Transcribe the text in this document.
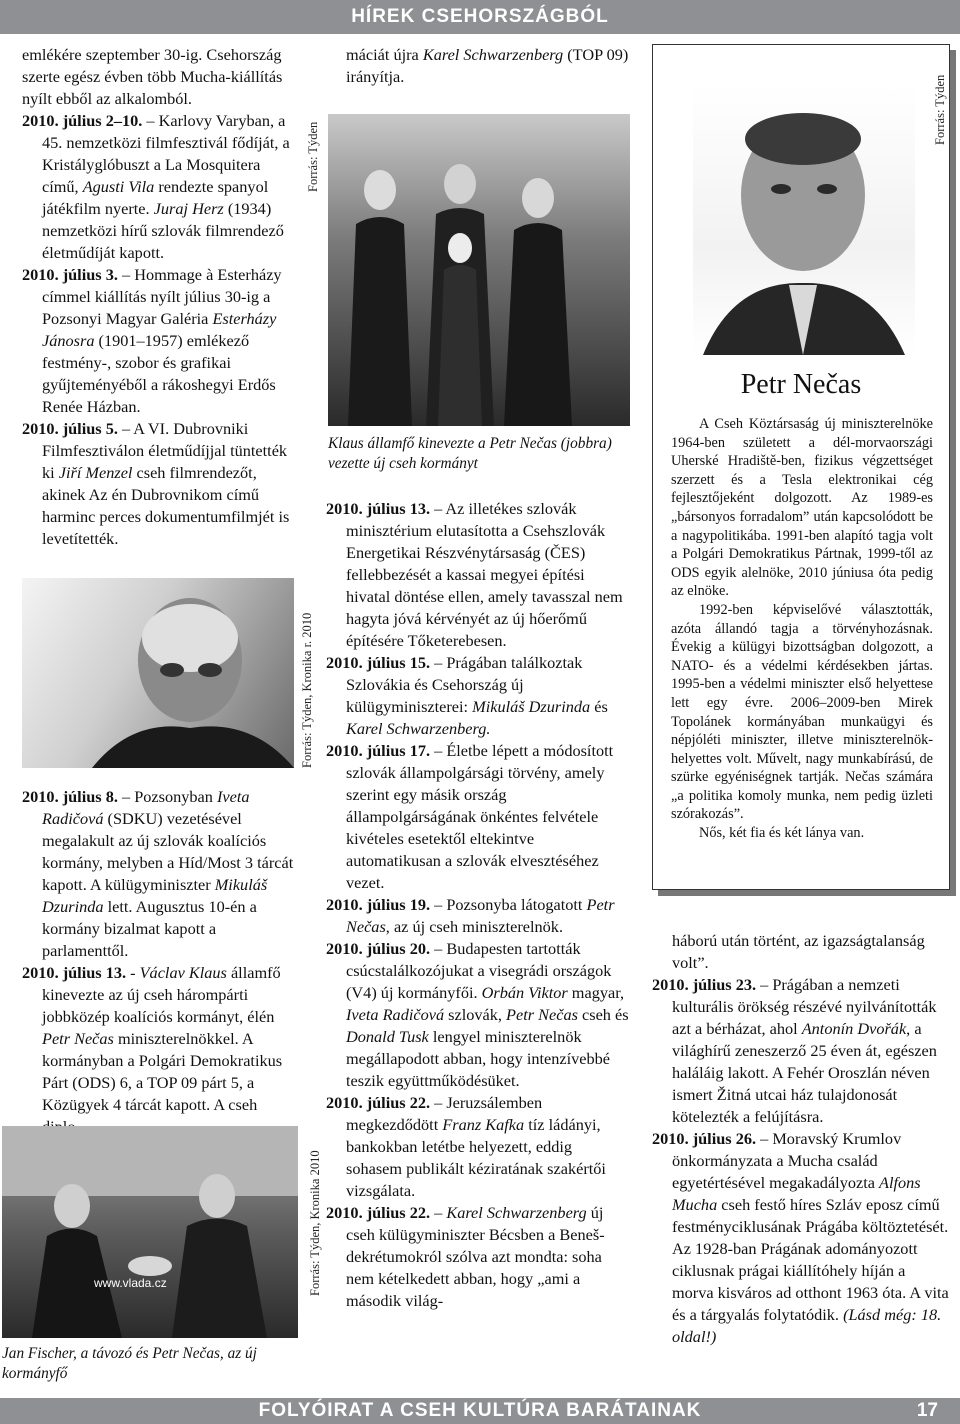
HÍREK CSEHORSZÁGBÓL

emlékére szeptember 30-ig. Csehország szerte egész évben több Mucha-kiállítás nyílt ebből az alkalomból.

2010. július 2–10. – Karlovy Varyban, a 45. nemzetközi filmfesztivál fődíját, a Kristályglóbuszt a La Mosquitera című, Agusti Vila rendezte spanyol játékfilm nyerte. Juraj Herz (1934) nemzetközi hírű szlovák filmrendező életműdíját kapott.

2010. július 3. – Hommage à Esterházy címmel kiállítás nyílt július 30-ig a Pozsonyi Magyar Galéria Esterházy Jánosra (1901–1957) emlékező festmény-, szobor és grafikai gyűjteményéből a rákoshegyi Erdős Renée Házban.

2010. július 5. – A VI. Dubrovniki Filmfesztiválon életműdíjjal tüntették ki Jiří Menzel cseh filmrendezőt, akinek Az én Dubrovnikom című harminc perces dokumentumfilmjét is levetítették.

Forrás: Týden, Kronika r. 2010

2010. július 8. – Pozsonyban Iveta Radičová (SDKU) vezetésével megalakult az új szlovák koalíciós kormány, melyben a Híd/Most 3 tárcát kapott. A külügyminiszter Mikuláš Dzurinda lett. Augusztus 10-én a kormány bizalmat kapott a parlamenttől.

2010. július 13. - Václav Klaus államfő kinevezte az új cseh hárompárti jobbközép koalíciós kormányt, élén Petr Nečas miniszterelnökkel. A kormányban a Polgári Demokratikus Párt (ODS) 6, a TOP 09 párt 5, a Közügyek 4 tárcát kapott. A cseh

www.vlada.cz	Forrás: Týden, Kronika 2010
Jan Fischer, a távozó és Petr Nečas, az új kormányfő

máciát újra Karel Schwarzenberg (TOP 09) irányítja.

Forrás: Týden
Klaus államfő kinevezte a Petr Nečas (jobbra) vezette új cseh kormányt

2010. július 13. – Az illetékes szlovák minisztérium elutasította a Csehszlovák Energetikai Részvénytársaság (ČES) fellebbezését a kassai megyei építési hivatal döntése ellen, amely tavasszal nem hagyta jóvá kérvényét az új hőerőmű építésére Tőketerebesen.

2010. július 15. – Prágában találkoztak Szlovákia és Csehország új külügyminiszterei: Mikuláš Dzurinda és Karel Schwarzenberg.

2010. július 17. – Életbe lépett a módosított szlovák állampolgársági törvény, amely szerint egy másik ország állampolgárságának önkéntes felvétele kivételes esetektől eltekintve automatikusan a szlovák elvesztéséhez vezet.

2010. július 19. – Pozsonyba látogatott Petr Nečas, az új cseh miniszterelnök.

2010. július 20. – Budapesten tartották csúcstalálkozójukat a visegrádi országok (V4) új kormányfői. Orbán Viktor magyar, Iveta Radičová szlovák, Petr Nečas cseh és Donald Tusk lengyel miniszterelnök megállapodott abban, hogy intenzívebbé teszik együttműködésüket.

2010. július 22. – Jeruzsálemben megkezdődött Franz Kafka tíz ládányi, bankokban letétbe helyezett, eddig sohasem publikált kéziratának szakértői vizsgálata.

2010. július 22. – Karel Schwarzenberg új cseh külügyminiszter Bécsben a Beneš-dekrétumokról szólva azt mondta: soha nem kételkedett abban, hogy „ami a második világ-

Forrás: Týden
Petr Nečas

A Cseh Köztársaság új miniszterelnöke 1964-ben született a dél-morvaországi Uherské Hradiště-ben, fizikus végzettséget szerzett és a Tesla elektronikai cég fejlesztőjeként dolgozott. Az 1989-es „bársonyos forradalom” után kapcsolódott be a nagypolitikába. 1991-ben alapító tagja volt a Polgári Demokratikus Pártnak, 1999-től az ODS egyik alelnöke, 2010 júniusa óta pedig az elnöke.

1992-ben képviselővé választották, azóta állandó tagja a törvényhozásnak. Évekig a külügyi bizottságban dolgozott, a NATO- és a védelmi kérdésekben jártas. 1995-ben a védelmi miniszter első helyettese lett egy évre. 2006–2009-ben Mirek Topolánek kormányában munkaügyi és népjóléti miniszter, illetve miniszterelnök-helyettes volt. Művelt, nagy munkabírású, de szürke egyéniségnek tartják. Nečas számára „a politika komoly munka, nem pedig üzleti szórakozás”.

Nős, két fia és két lánya van.

háború után történt, az igazságtalanság volt”.

2010. július 23. – Prágában a nemzeti kulturális örökség részévé nyilvánították azt a bérházat, ahol Antonín Dvořák, a világhírű zeneszerző 25 éven át, egészen haláláig lakott. A Fehér Oroszlán néven ismert Žitná utcai ház tulajdonosát kötelezték a felújításra.

2010. július 26. – Moravský Krumlov önkormányzata a Mucha család egyetértésével megakadályozta Alfons Mucha cseh festő híres Szláv eposz című festményciklusának Prágába költöztetését. Az 1928-ban Prágának adományozott ciklusnak prágai kiállítóhely híján a morva kisváros ad otthont 1963 óta. A vita és a tárgyalás folytatódik. (Lásd még: 18. oldal!)

FOLYÓIRAT A CSEH KULTÚRA BARÁTAINAK	17
